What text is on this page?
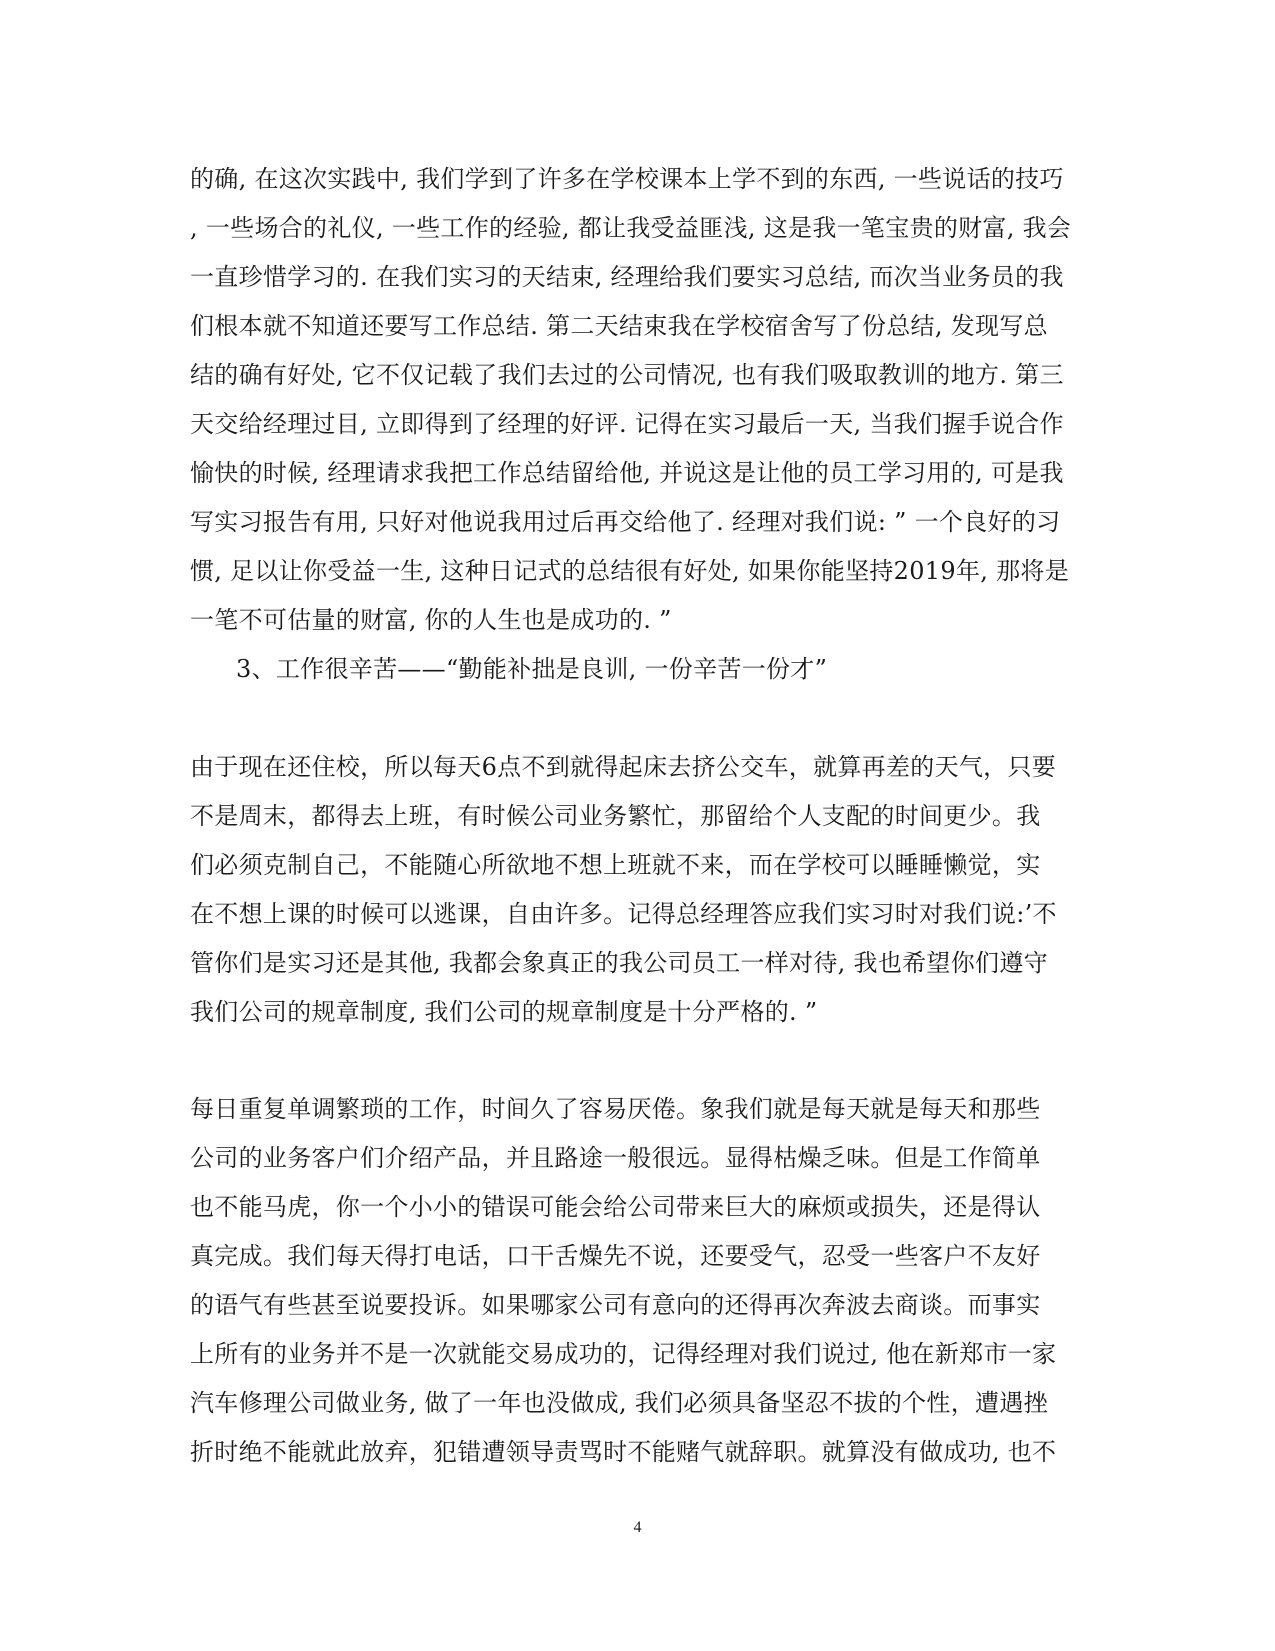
的确, 在这次实践中, 我们学到了许多在学校课本上学不到的东西, 一些说话的技巧
, 一些场合的礼仪, 一些工作的经验, 都让我受益匪浅, 这是我一笔宝贵的财富, 我会
一直珍惜学习的. 在我们实习的天结束, 经理给我们要实习总结, 而次当业务员的我
们根本就不知道还要写工作总结. 第二天结束我在学校宿舍写了份总结, 发现写总
结的确有好处, 它不仅记载了我们去过的公司情况, 也有我们吸取教训的地方. 第三
天交给经理过目, 立即得到了经理的好评. 记得在实习最后一天, 当我们握手说合作
愉快的时候, 经理请求我把工作总结留给他, 并说这是让他的员工学习用的, 可是我
写实习报告有用, 只好对他说我用过后再交给他了. 经理对我们说: ” 一个良好的习
惯, 足以让你受益一生, 这种日记式的总结很有好处, 如果你能坚持2019年, 那将是
一笔不可估量的财富, 你的人生也是成功的. ”
3、工作很辛苦——“勤能补拙是良训, 一份辛苦一份才”
由于现在还住校，所以每天6点不到就得起床去挤公交车，就算再差的天气，只要
不是周末，都得去上班，有时候公司业务繁忙，那留给个人支配的时间更少。我
们必须克制自己，不能随心所欲地不想上班就不来，而在学校可以睡睡懒觉，实
在不想上课的时候可以逃课，自由许多。记得总经理答应我们实习时对我们说:’不
管你们是实习还是其他, 我都会象真正的我公司员工一样对待, 我也希望你们遵守
我们公司的规章制度, 我们公司的规章制度是十分严格的. ”
每日重复单调繁琐的工作，时间久了容易厌倦。象我们就是每天就是每天和那些
公司的业务客户们介绍产品，并且路途一般很远。显得枯燥乏味。但是工作简单
也不能马虎，你一个小小的错误可能会给公司带来巨大的麻烦或损失，还是得认
真完成。我们每天得打电话，口干舌燥先不说，还要受气，忍受一些客户不友好
的语气有些甚至说要投诉。如果哪家公司有意向的还得再次奔波去商谈。而事实
上所有的业务并不是一次就能交易成功的，记得经理对我们说过, 他在新郑市一家
汽车修理公司做业务, 做了一年也没做成, 我们必须具备坚忍不拔的个性，遭遇挫
折时绝不能就此放弃，犯错遭领导责骂时不能赌气就辞职。就算没有做成功, 也不
4
